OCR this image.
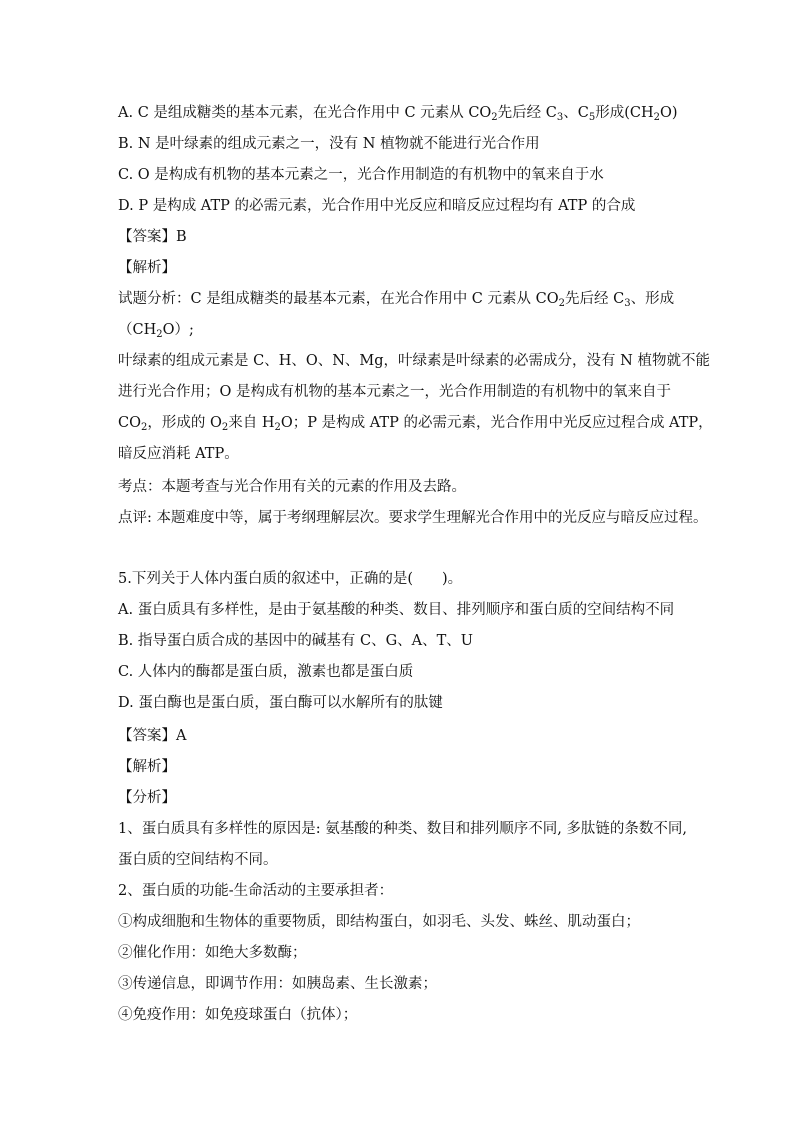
A. C 是组成糖类的基本元素，在光合作用中 C 元素从 $CO_2$先后经 $C_3$、$C_5$形成$(CH_2O)$
B. N 是叶绿素的组成元素之一，没有 N 植物就不能进行光合作用
C. O 是构成有机物的基本元素之一，光合作用制造的有机物中的氧来自于水
D. P 是构成 ATP 的必需元素，光合作用中光反应和暗反应过程均有 ATP 的合成
【答案】B
【解析】
试题分析：C 是组成糖类的最基本元素，在光合作用中 C 元素从 $CO_2$先后经 $C_3$、形成
$(CH_2O)$;
叶绿素的组成元素是 C、H、O、N、Mg，叶绿素是叶绿素的必需成分，没有 N 植物就不能
进行光合作用；O 是构成有机物的基本元素之一，光合作用制造的有机物中的氧来自于
$CO_2$，形成的 $O_2$来自 $H_2O$；P 是构成 ATP 的必需元素，光合作用中光反应过程合成 ATP，
暗反应消耗 ATP。
考点：本题考查与光合作用有关的元素的作用及去路。
点评: 本题难度中等，属于考纲理解层次。要求学生理解光合作用中的光反应与暗反应过程。
5.下列关于人体内蛋白质的叙述中，正确的是(　　)。
A. 蛋白质具有多样性，是由于氨基酸的种类、数目、排列顺序和蛋白质的空间结构不同
B. 指导蛋白质合成的基因中的碱基有 C、G、A、T、U
C. 人体内的酶都是蛋白质，激素也都是蛋白质
D. 蛋白酶也是蛋白质，蛋白酶可以水解所有的肽键
【答案】A
【解析】
【分析】
1、蛋白质具有多样性的原因是: 氨基酸的种类、数目和排列顺序不同, 多肽链的条数不同,
蛋白质的空间结构不同。
2、蛋白质的功能-生命活动的主要承担者：
①构成细胞和生物体的重要物质，即结构蛋白，如羽毛、头发、蛛丝、肌动蛋白；
②催化作用：如绝大多数酶；
③传递信息，即调节作用：如胰岛素、生长激素；
④免疫作用：如免疫球蛋白（抗体）；
